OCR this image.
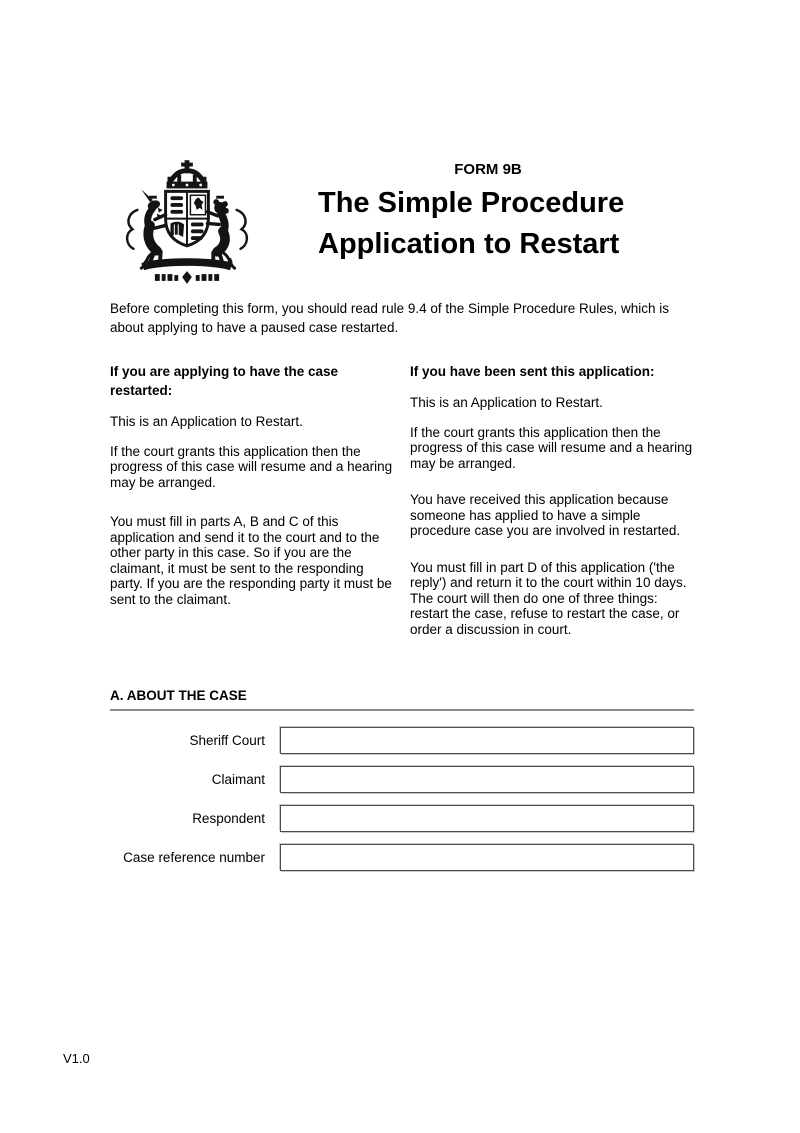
FORM 9B
The Simple Procedure
Application to Restart

Before completing this form, you should read rule 9.4 of the Simple Procedure Rules, which is about applying to have a paused case restarted.

If you are applying to have the case restarted:

This is an Application to Restart.

If the court grants this application then the progress of this case will resume and a hearing may be arranged.

You must fill in parts A, B and C of this application and send it to the court and to the other party in this case. So if you are the claimant, it must be sent to the responding party. If you are the responding party it must be sent to the claimant.

If you have been sent this application:

This is an Application to Restart.

If the court grants this application then the progress of this case will resume and a hearing may be arranged.

You have received this application because someone has applied to have a simple procedure case you are involved in restarted.

You must fill in part D of this application ('the reply') and return it to the court within 10 days. The court will then do one of three things: restart the case, refuse to restart the case, or order a discussion in court.

A. ABOUT THE CASE
Sheriff Court
Claimant
Respondent
Case reference number
V1.0
